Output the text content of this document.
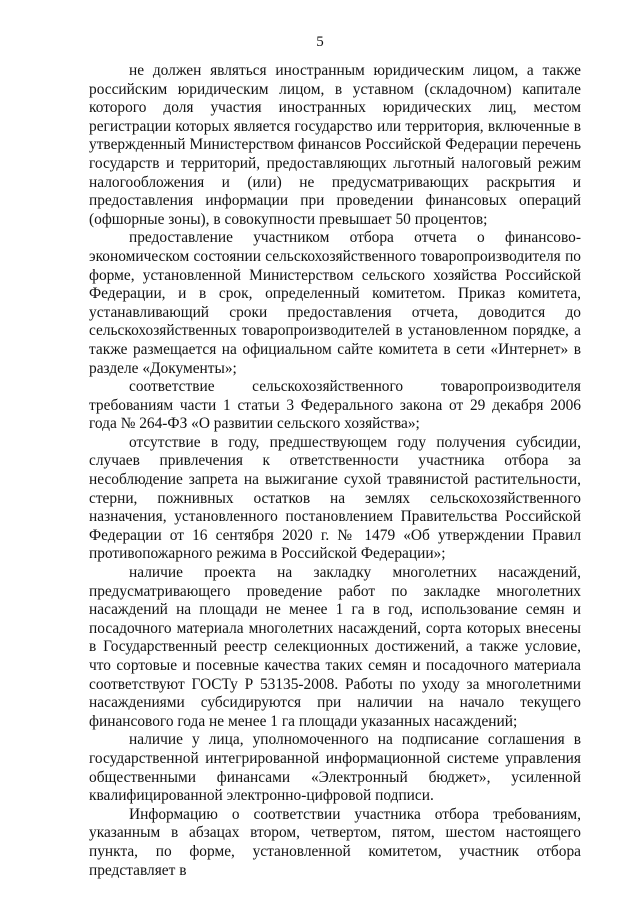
5

не должен являться иностранным юридическим лицом, а также российским юридическим лицом, в уставном (складочном) капитале которого доля участия иностранных юридических лиц, местом регистрации которых является государство или территория, включенные в утвержденный Министерством финансов Российской Федерации перечень государств и территорий, предоставляющих льготный налоговый режим налогообложения и (или) не предусматривающих раскрытия и предоставления информации при проведении финансовых операций (офшорные зоны), в совокупности превышает 50 процентов;

предоставление участником отбора отчета о финансово-экономическом состоянии сельскохозяйственного товаропроизводителя по форме, установленной Министерством сельского хозяйства Российской Федерации, и в срок, определенный комитетом. Приказ комитета, устанавливающий сроки предоставления отчета, доводится до сельскохозяйственных товаропроизводителей в установленном порядке, а также размещается на официальном сайте комитета в сети «Интернет» в разделе «Документы»;

соответствие сельскохозяйственного товаропроизводителя требованиям части 1 статьи 3 Федерального закона от 29 декабря 2006 года № 264-ФЗ «О развитии сельского хозяйства»;

отсутствие в году, предшествующем году получения субсидии, случаев привлечения к ответственности участника отбора за несоблюдение запрета на выжигание сухой травянистой растительности, стерни, пожнивных остатков на землях сельскохозяйственного назначения, установленного постановлением Правительства Российской Федерации от 16 сентября 2020 г. № 1479 «Об утверждении Правил противопожарного режима в Российской Федерации»;

наличие проекта на закладку многолетних насаждений, предусматривающего проведение работ по закладке многолетних насаждений на площади не менее 1 га в год, использование семян и посадочного материала многолетних насаждений, сорта которых внесены в Государственный реестр селекционных достижений, а также условие, что сортовые и посевные качества таких семян и посадочного материала соответствуют ГОСТу Р 53135-2008. Работы по уходу за многолетними насаждениями субсидируются при наличии на начало текущего финансового года не менее 1 га площади указанных насаждений;

наличие у лица, уполномоченного на подписание соглашения в государственной интегрированной информационной системе управления общественными финансами «Электронный бюджет», усиленной квалифицированной электронно-цифровой подписи.

Информацию о соответствии участника отбора требованиям, указанным в абзацах втором, четвертом, пятом, шестом настоящего пункта, по форме, установленной комитетом, участник отбора представляет в
